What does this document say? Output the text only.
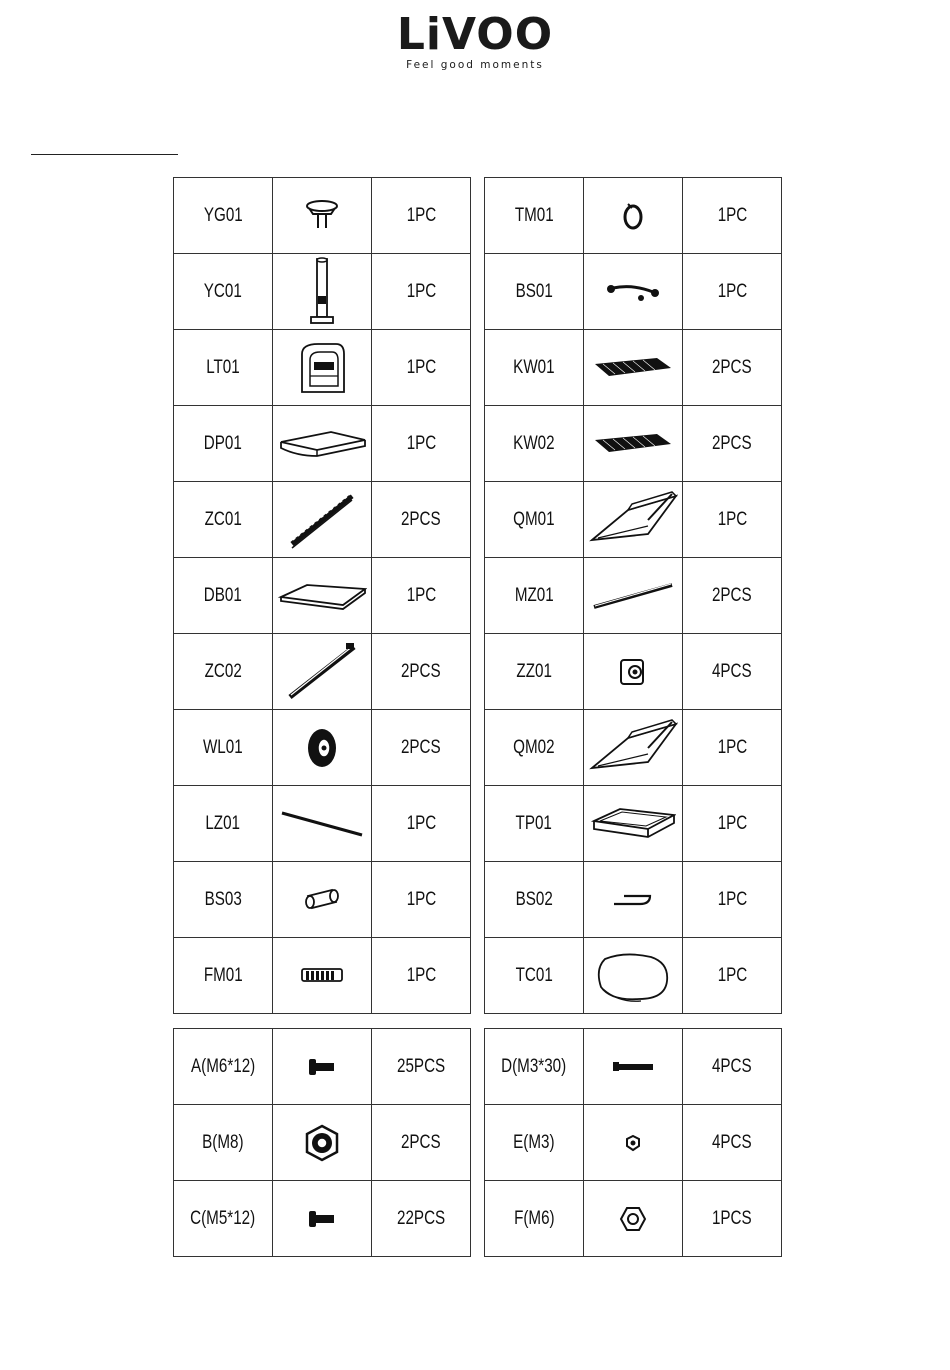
LiVOO
Feel good moments
YG01		1PC		TM01		1PC
YC01		1PC		BS01		1PC
LT01		1PC		KW01		2PCS
DP01		1PC		KW02		2PCS
ZC01		2PCS		QM01		1PC
DB01		1PC		MZ01		2PCS
ZC02		2PCS		ZZ01		4PCS
WL01		2PCS		QM02		1PC
LZ01		1PC		TP01		1PC
BS03		1PC		BS02		1PC
FM01		1PC		TC01		1PC
A(M6*12)		25PCS		D(M3*30)		4PCS
B(M8)		2PCS		E(M3)		4PCS
C(M5*12)		22PCS		F(M6)		1PCS
